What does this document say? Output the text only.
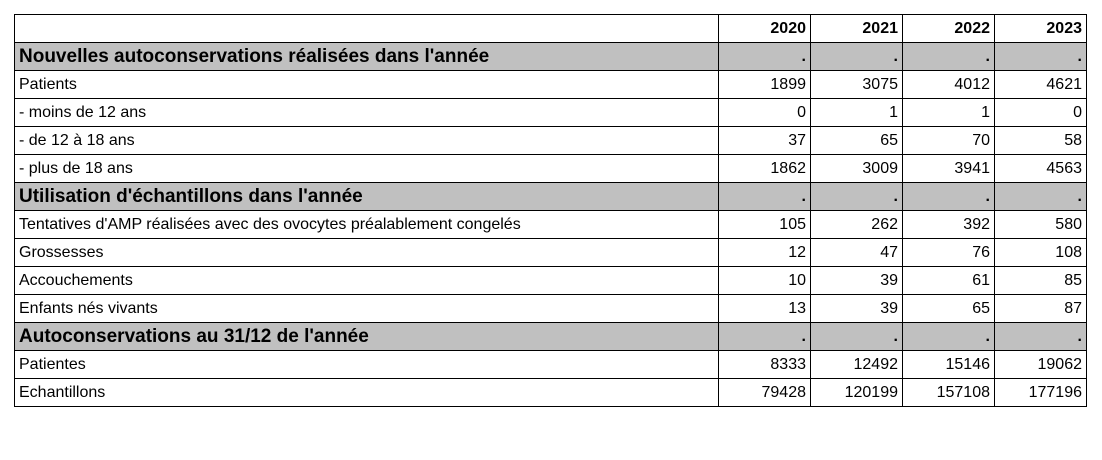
	2020	2021	2022	2023
Nouvelles autoconservations réalisées dans l'année	.	.	.	.
Patients	1899	3075	4012	4621
- moins de 12 ans	0	1	1	0
- de 12 à 18 ans	37	65	70	58
- plus de 18 ans	1862	3009	3941	4563
Utilisation d'échantillons dans l'année	.	.	.	.
Tentatives d'AMP réalisées avec des ovocytes préalablement congelés	105	262	392	580
Grossesses	12	47	76	108
Accouchements	10	39	61	85
Enfants nés vivants	13	39	65	87
Autoconservations au 31/12 de l'année	.	.	.	.
Patientes	8333	12492	15146	19062
Echantillons	79428	120199	157108	177196
